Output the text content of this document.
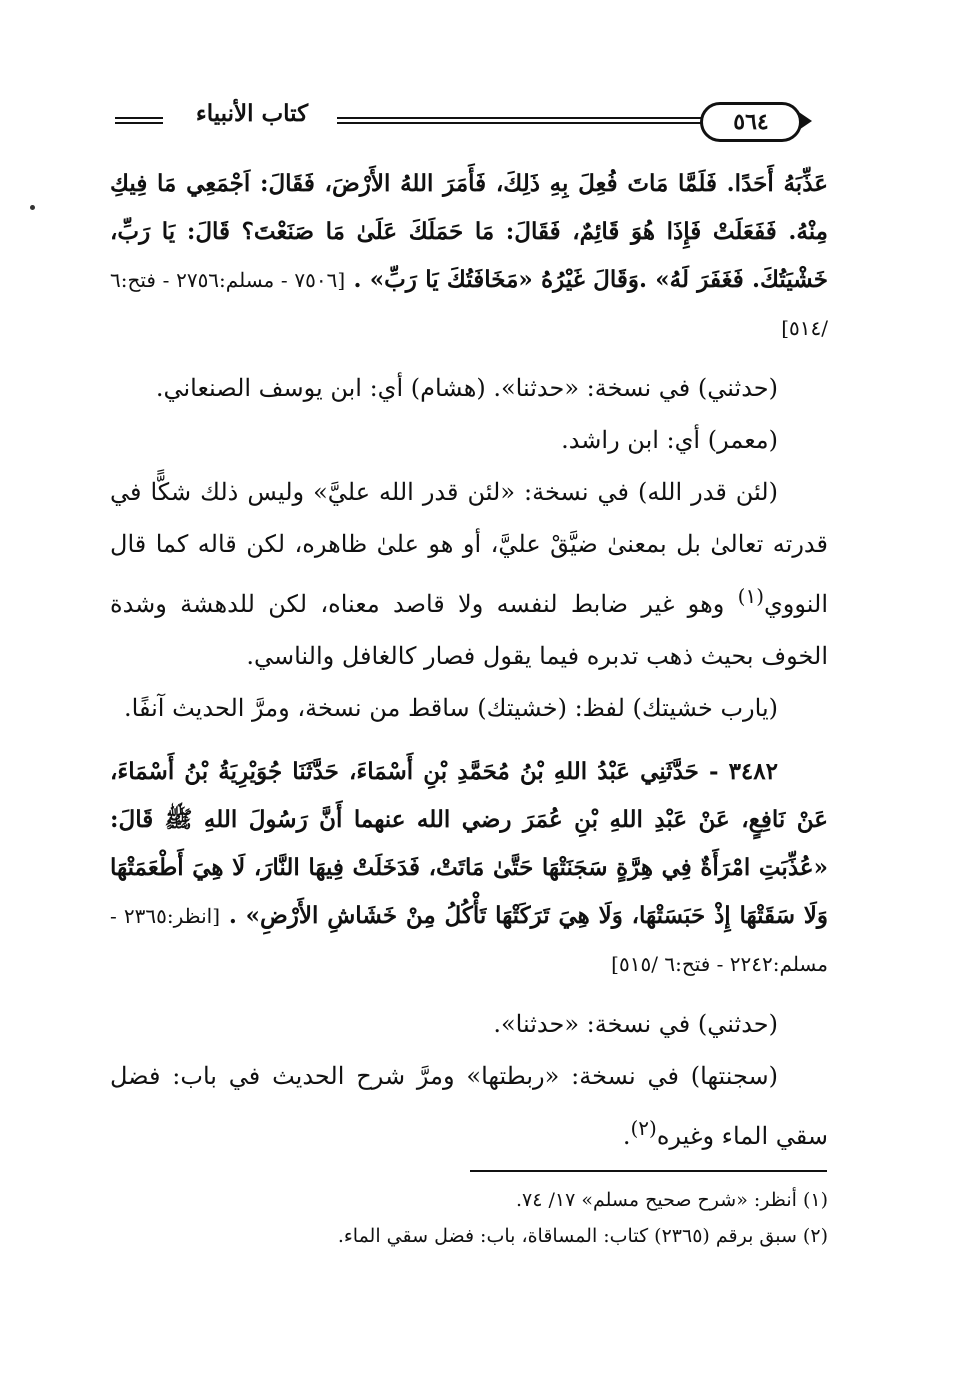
كتاب الأنبياء	٥٦٤

عَذِّبَهُ أَحَدًا. فَلَمَّا مَاتَ فُعِلَ بِهِ ذَلِكَ، فَأَمَرَ اللهُ الأَرْضَ، فَقَالَ: اَجْمَعِي مَا فِيكِ مِنْهُ. فَفَعَلَتْ فَإِذَا هُوَ قَائِمٌ، فَقَالَ: مَا حَمَلَكَ عَلَىٰ مَا صَنَعْتَ؟ قَالَ: يَا رَبِّ، خَشْيَتُكَ. فَغَفَرَ لَهُ» .وَقَالَ غَيْرُهُ «مَخَافَتُكَ يَا رَبِّ» . [٧٥٠٦ - مسلم:٢٧٥٦ - فتح:٦ /٥١٤]

(حدثني) في نسخة: «حدثنا». (هشام) أي: ابن يوسف الصنعاني.

(معمر) أي: ابن راشد.

(لئن قدر الله) في نسخة: «لئن قدر الله عليَّ» وليس ذلك شكًّا في قدرته تعالىٰ بل بمعنىٰ ضيَّقْ عليَّ، أو هو علىٰ ظاهره، لكن قاله كما قال النووي$^{(١)}$ وهو غير ضابط لنفسه ولا قاصد معناه، لكن للدهشة وشدة الخوف بحيث ذهب تدبره فيما يقول فصار كالغافل والناسي.

(يارب خشيتك) لفظ: (خشيتك) ساقط من نسخة، ومرَّ الحديث آنفًا.

٣٤٨٢ - حَدَّثَنِي عَبْدُ اللهِ بْنُ مُحَمَّدِ بْنِ أَسْمَاءَ، حَدَّثَنَا جُوَيْرِيَةُ بْنُ أَسْمَاءَ، عَنْ نَافِعٍ، عَنْ عَبْدِ اللهِ بْنِ عُمَرَ رضي الله عنهما أَنَّ رَسُولَ اللهِ ﷺ قَالَ: «عُذِّبَتِ امْرَأَةٌ فِي هِرَّةٍ سَجَنَتْهَا حَتَّىٰ مَاتَتْ، فَدَخَلَتْ فِيهَا النَّارَ، لَا هِيَ أَطْعَمَتْهَا وَلَا سَقَتْهَا إِذْ حَبَسَتْهَا، وَلَا هِيَ تَرَكَتْهَا تَأْكُلُ مِنْ خَشَاشِ الأَرْضِ» . [انظر:٢٣٦٥ - مسلم:٢٢٤٢ - فتح:٦ /٥١٥]

(حدثني) في نسخة: «حدثنا».

(سجنتها) في نسخة: «ربطتها» ومرَّ شرح الحديث في باب: فضل سقي الماء وغيره$^{(٢)}$.

(١) أنظر: «شرح صحيح مسلم» ١٧/ ٧٤.

(٢) سبق برقم (٢٣٦٥) كتاب: المساقاة، باب: فضل سقي الماء.
